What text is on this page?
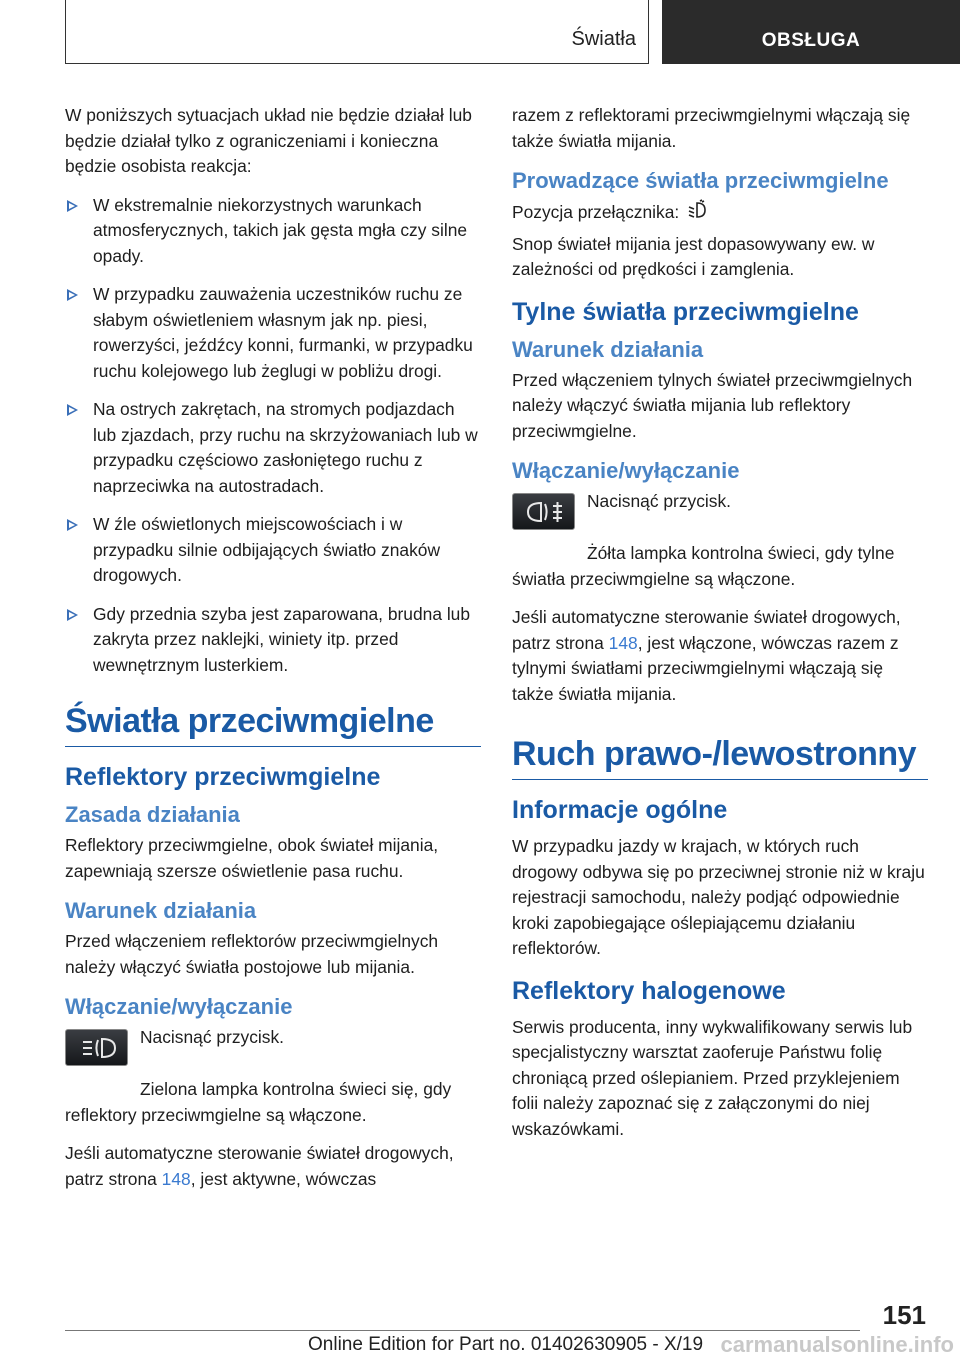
Światła	OBSŁUGA

W poniższych sytuacjach układ nie będzie działał lub będzie działał tylko z ograniczeniami i konieczna będzie osobista reakcja:

W ekstremalnie niekorzystnych warunkach atmosferycznych, takich jak gęsta mgła czy silne opady.
W przypadku zauważenia uczestników ruchu ze słabym oświetleniem własnym jak np. piesi, rowerzyści, jeźdźcy konni, furmanki, w przypadku ruchu kolejowego lub żeglugi w pobliżu drogi.
Na ostrych zakrętach, na stromych podjazdach lub zjazdach, przy ruchu na skrzyżowaniach lub w przypadku częściowo zasłoniętego ruchu z naprzeciwka na autostradach.
W źle oświetlonych miejscowościach i w przypadku silnie odbijających światło znaków drogowych.
Gdy przednia szyba jest zaparowana, brudna lub zakryta przez naklejki, winiety itp. przed wewnętrznym lusterkiem.
Światła przeciwmgielne
Reflektory przeciwmgielne
Zasada działania

Reflektory przeciwmgielne, obok świateł mijania, zapewniają szersze oświetlenie pasa ruchu.

Warunek działania

Przed włączeniem reflektorów przeciwmgielnych należy włączyć światła postojowe lub mijania.

Włączanie/wyłączanie

Nacisnąć przycisk.

Zielona lampka kontrolna świeci się, gdy reflektory przeciwmgielne są włączone.

Jeśli automatyczne sterowanie świateł drogowych, patrz strona 148, jest aktywne, wówczas

razem z reflektorami przeciwmgielnymi włączają się także światła mijania.

Prowadzące światła przeciwmgielne

Pozycja przełącznika:

Snop świateł mijania jest dopasowywany ew. w zależności od prędkości i zamglenia.

Tylne światła przeciwmgielne
Warunek działania

Przed włączeniem tylnych świateł przeciwmgielnych należy włączyć światła mijania lub reflektory przeciwmgielne.

Włączanie/wyłączanie

Nacisnąć przycisk.

Żółta lampka kontrolna świeci, gdy tylne światła przeciwmgielne są włączone.

Jeśli automatyczne sterowanie świateł drogowych, patrz strona 148, jest włączone, wówczas razem z tylnymi światłami przeciwmgielnymi włączają się także światła mijania.

Ruch prawo-/lewostronny
Informacje ogólne

W przypadku jazdy w krajach, w których ruch drogowy odbywa się po przeciwnej stronie niż w kraju rejestracji samochodu, należy podjąć odpowiednie kroki zapobiegające oślepiającemu działaniu reflektorów.

Reflektory halogenowe

Serwis producenta, inny wykwalifikowany serwis lub specjalistyczny warsztat zaoferuje Państwu folię chroniącą przed oślepianiem. Przed przyklejeniem folii należy zapoznać się z załączonymi do niej wskazówkami.

151
Online Edition for Part no. 01402630905 - X/19 carmanualsonline.info
